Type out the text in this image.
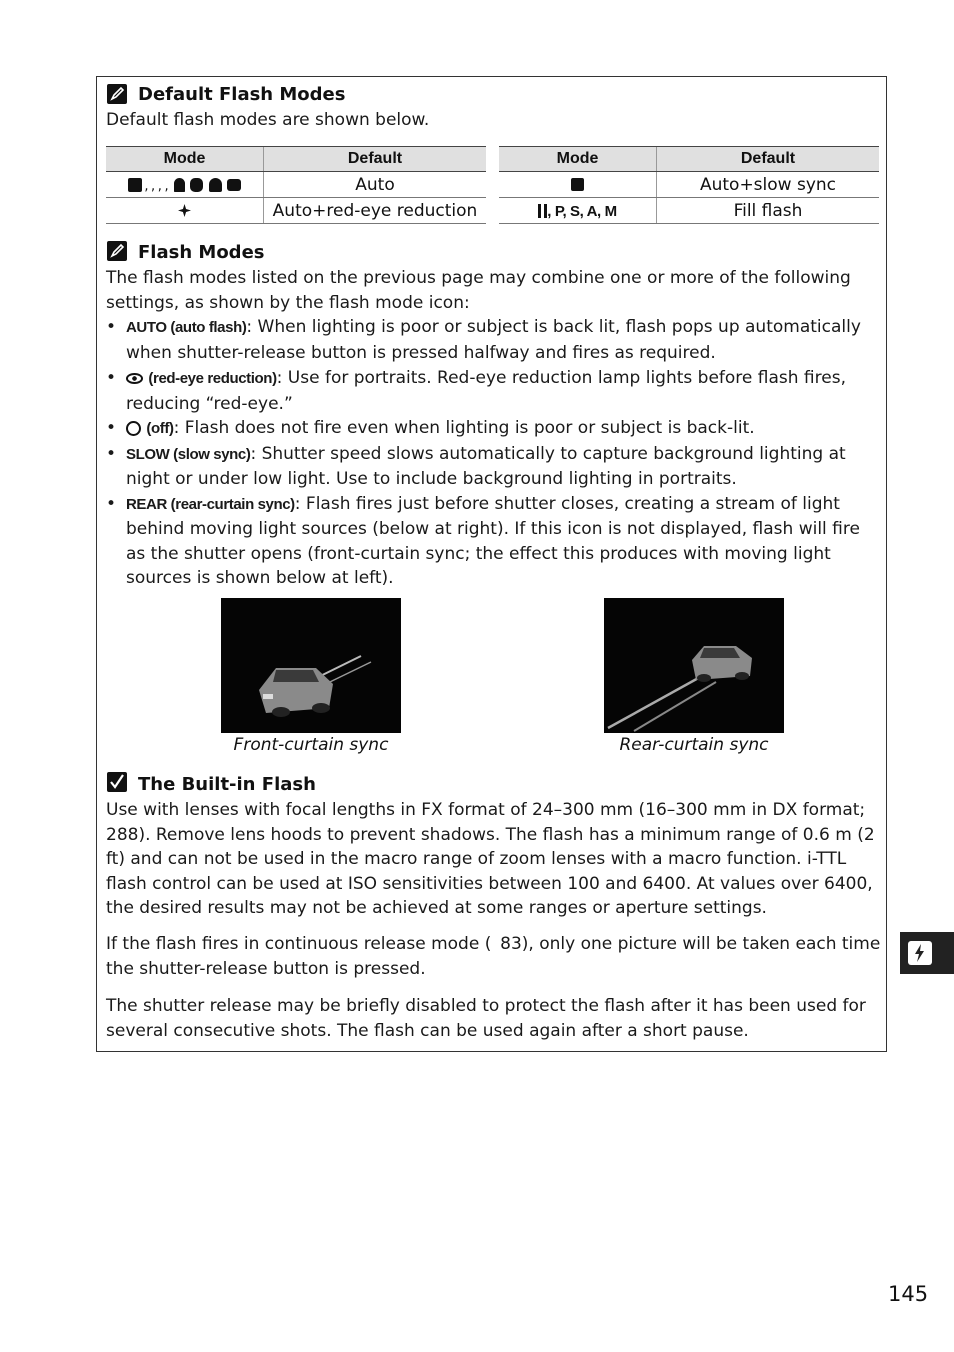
Default Flash Modes
Default flash modes are shown below.
Mode	Default
 , , , ,	Auto
	Auto+red-eye reduction
Mode	Default
	Auto+slow sync
, P, S, A, M	Fill flash
Flash Modes
The flash modes listed on the previous page may combine one or more of the following settings, as shown by the flash mode icon:
• AUTO (auto flash): When lighting is poor or subject is back lit, flash pops up automatically when shutter-release button is pressed halfway and fires as required.
• (red-eye reduction): Use for portraits. Red-eye reduction lamp lights before flash fires, reducing “red-eye.”
• (off): Flash does not fire even when lighting is poor or subject is back-lit.
• SLOW (slow sync): Shutter speed slows automatically to capture background lighting at night or under low light. Use to include background lighting in portraits.
• REAR (rear-curtain sync): Flash fires just before shutter closes, creating a stream of light behind moving light sources (below at right). If this icon is not displayed, flash will fire as the shutter opens (front-curtain sync; the effect this produces with moving light sources is shown below at left).
Front-curtain sync	Rear-curtain sync
The Built-in Flash
Use with lenses with focal lengths in FX format of 24–300 mm (16–300 mm in DX format;  288). Remove lens hoods to prevent shadows. The flash has a minimum range of 0.6 m (2 ft) and can not be used in the macro range of zoom lenses with a macro function. i-TTL flash control can be used at ISO sensitivities between 100 and 6400. At values over 6400, the desired results may not be achieved at some ranges or aperture settings.
If the flash fires in continuous release mode (  83), only one picture will be taken each time the shutter-release button is pressed.
The shutter release may be briefly disabled to protect the flash after it has been used for several consecutive shots. The flash can be used again after a short pause.
145
